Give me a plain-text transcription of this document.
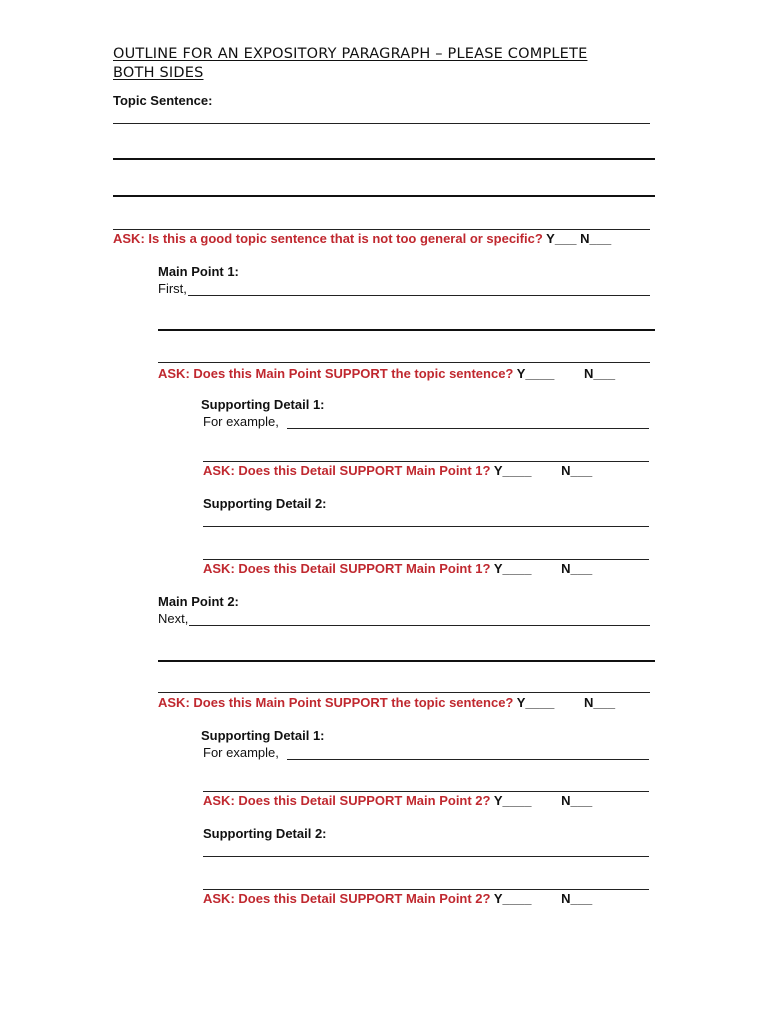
OUTLINE FOR AN EXPOSITORY PARAGRAPH – PLEASE COMPLETE
BOTH SIDES
Topic Sentence:
ASK: Is this a good topic sentence that is not too general or specific? Y___ N___
Main Point 1:
First,
ASK: Does this Main Point SUPPORT the topic sentence? Y____ N___
Supporting Detail 1:
For example,
ASK: Does this Detail SUPPORT Main Point 1? Y____ N___
Supporting Detail 2:
ASK: Does this Detail SUPPORT Main Point 1? Y____ N___
Main Point 2:
Next,
ASK: Does this Main Point SUPPORT the topic sentence? Y____ N___
Supporting Detail 1:
For example,
ASK: Does this Detail SUPPORT Main Point 2? Y____ N___
Supporting Detail 2:
ASK: Does this Detail SUPPORT Main Point 2? Y____ N___
